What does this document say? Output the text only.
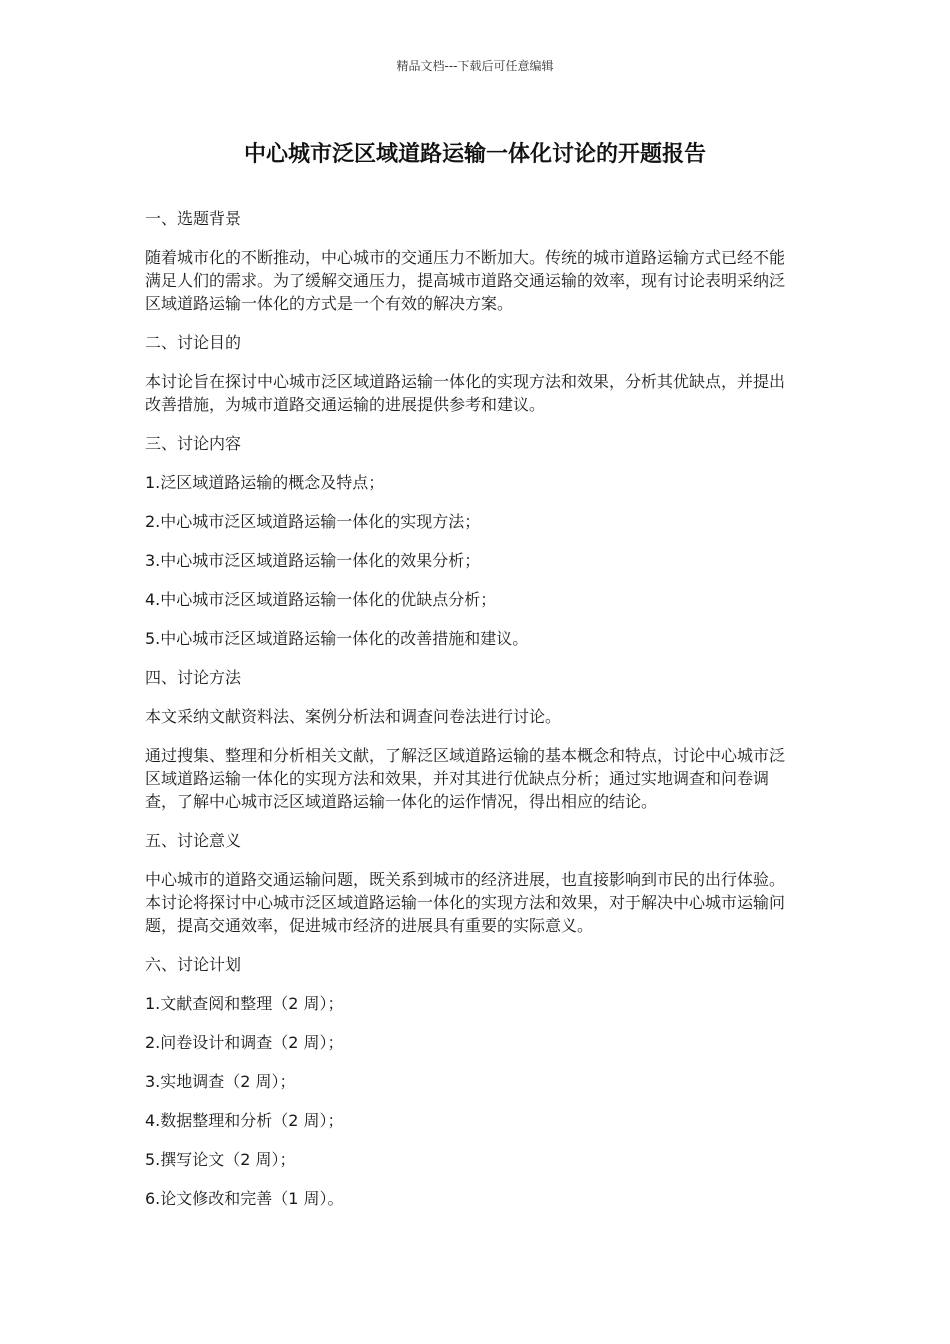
精品文档---下载后可任意编辑
中心城市泛区域道路运输一体化讨论的开题报告

一、选题背景

随着城市化的不断推动，中心城市的交通压力不断加大。传统的城市道路运输方式已经不能满足人们的需求。为了缓解交通压力，提高城市道路交通运输的效率，现有讨论表明采纳泛区域道路运输一体化的方式是一个有效的解决方案。

二、讨论目的

本讨论旨在探讨中心城市泛区域道路运输一体化的实现方法和效果，分析其优缺点，并提出改善措施，为城市道路交通运输的进展提供参考和建议。

三、讨论内容

1.泛区域道路运输的概念及特点；

2.中心城市泛区域道路运输一体化的实现方法；

3.中心城市泛区域道路运输一体化的效果分析；

4.中心城市泛区域道路运输一体化的优缺点分析；

5.中心城市泛区域道路运输一体化的改善措施和建议。

四、讨论方法

本文采纳文献资料法、案例分析法和调查问卷法进行讨论。

通过搜集、整理和分析相关文献，了解泛区域道路运输的基本概念和特点，讨论中心城市泛区域道路运输一体化的实现方法和效果，并对其进行优缺点分析；通过实地调查和问卷调查，了解中心城市泛区域道路运输一体化的运作情况，得出相应的结论。

五、讨论意义

中心城市的道路交通运输问题，既关系到城市的经济进展，也直接影响到市民的出行体验。本讨论将探讨中心城市泛区域道路运输一体化的实现方法和效果，对于解决中心城市运输问题，提高交通效率，促进城市经济的进展具有重要的实际意义。

六、讨论计划

1.文献查阅和整理（2 周）；

2.问卷设计和调查（2 周）；

3.实地调查（2 周）；

4.数据整理和分析（2 周）；

5.撰写论文（2 周）；

6.论文修改和完善（1 周）。
